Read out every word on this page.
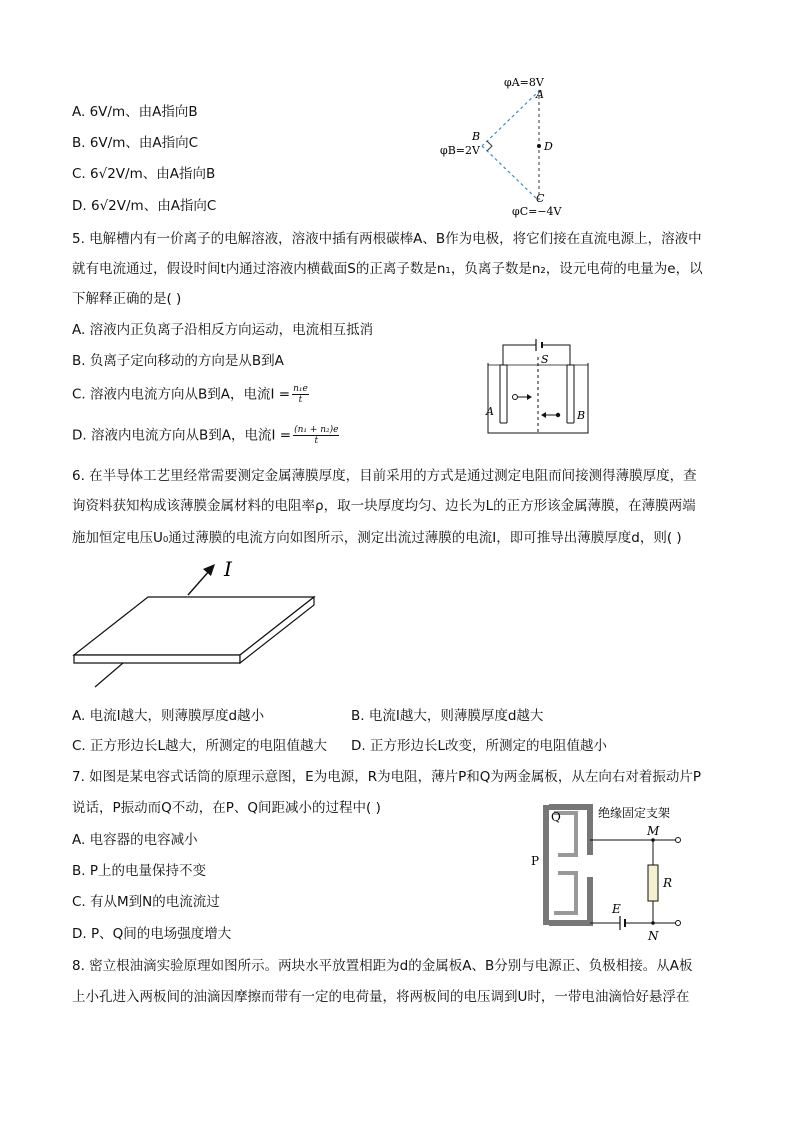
A. 6V/m、由A指向B
B. 6V/m、由A指向C
C. 6√2V/m、由A指向B
D. 6√2V/m、由A指向C
φA=8V
A
B
φB=2V	D
C
φC=−4V
5. 电解槽内有一价离子的电解溶液，溶液中插有两根碳棒A、B作为电极，将它们接在直流电源上，溶液中
就有电流通过，假设时间t内通过溶液内横截面S的正离子数是n₁，负离子数是n₂，设元电荷的电量为e，以
下解释正确的是( )
A. 溶液内正负离子沿相反方向运动，电流相互抵消
B. 负离子定向移动的方向是从B到A
C. 溶液内电流方向从B到A，电流$I = \frac{\text{n₁e}}{t}$
D. 溶液内电流方向从B到A，电流$I = \frac{\text{(n₁ + n₂)e}}{t}$
S
A	B
6. 在半导体工艺里经常需要测定金属薄膜厚度，目前采用的方式是通过测定电阻而间接测得薄膜厚度，查
询资料获知构成该薄膜金属材料的电阻率ρ，取一块厚度均匀、边长为L的正方形该金属薄膜，在薄膜两端
施加恒定电压U₀通过薄膜的电流方向如图所示，测定出流过薄膜的电流I，即可推导出薄膜厚度d，则( )
I
A. 电流I越大，则薄膜厚度d越小	B. 电流I越大，则薄膜厚度d越大
C. 正方形边长L越大，所测定的电阻值越大 D. 正方形边长L改变，所测定的电阻值越小
7. 如图是某电容式话筒的原理示意图，E为电源，R为电阻，薄片P和Q为两金属板，从左向右对着振动片P
说话，P振动而Q不动，在P、Q间距减小的过程中( )
A. 电容器的电容减小
B. P上的电量保持不变
C. 有从M到N的电流流过
D. P、Q间的电场强度增大
Q
P
绝缘固定支架
M
R
E
N
8. 密立根油滴实验原理如图所示。两块水平放置相距为d的金属板A、B分别与电源正、负极相接。从A板
上小孔进入两板间的油滴因摩擦而带有一定的电荷量，将两板间的电压调到U时，一带电油滴恰好悬浮在
